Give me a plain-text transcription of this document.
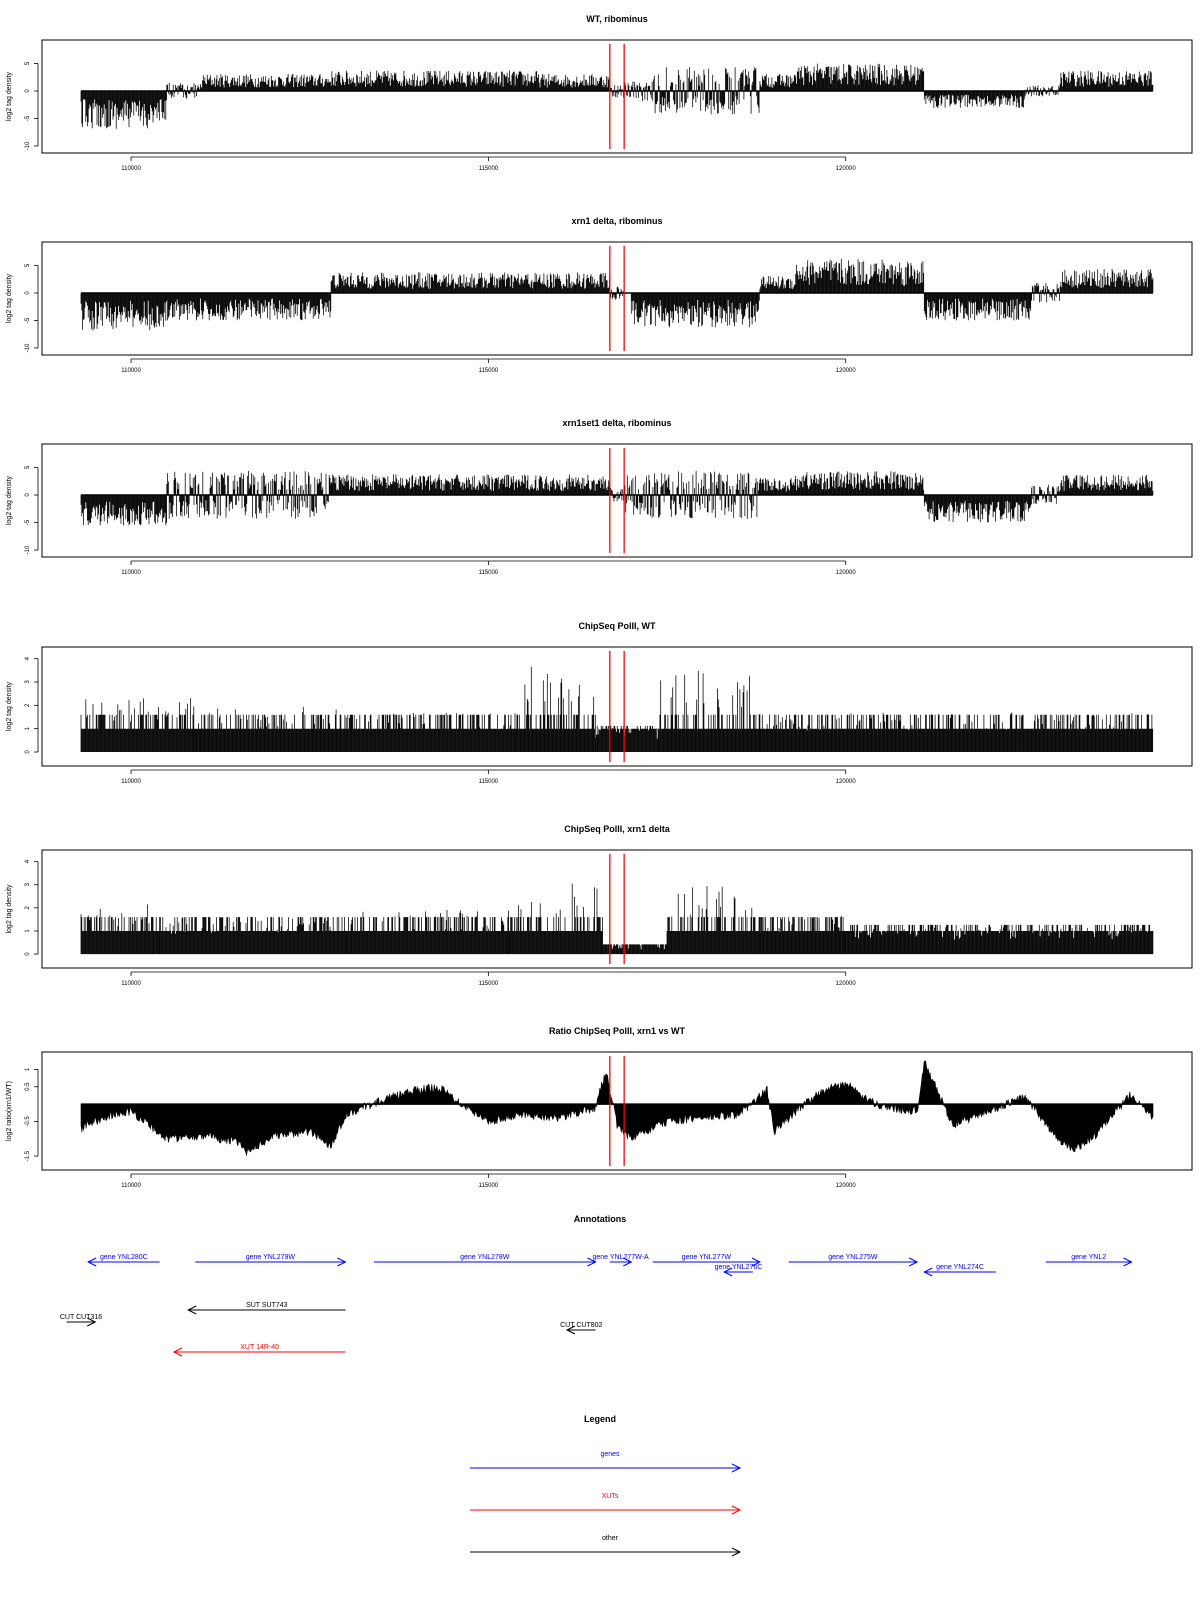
WT, ribominus
-10
-5
0
5
log2 tag density
110000	115000	120000
xrn1 delta, ribominus
-10
-5
0
5
log2 tag density
110000	115000	120000
xrn1set1 delta, ribominus
-10
-5
0
5
log2 tag density
110000	115000	120000
ChipSeq PolII, WT
0
1
2
3
4
log2 tag density
110000	115000	120000
ChipSeq PolII, xrn1 delta
0
1
2
3
4
log2 tag density
110000	115000	120000
Ratio ChipSeq PolII, xrn1 vs WT
-1.5
-0.5
0.5
1
log2 ratio(xrn1/WT)
110000	115000	120000
Annotations
gene YNL280C	gene YNL279W	gene YNL278W	gene YNL277W-A	gene YNL277W
gene YNL276C
gene YNL275W
gene YNL274C
gene YNL2
SUT SUT743
CUT CUT316
CUT CUT802
XUT 14R-40
Legend
genes
XUTs
other
